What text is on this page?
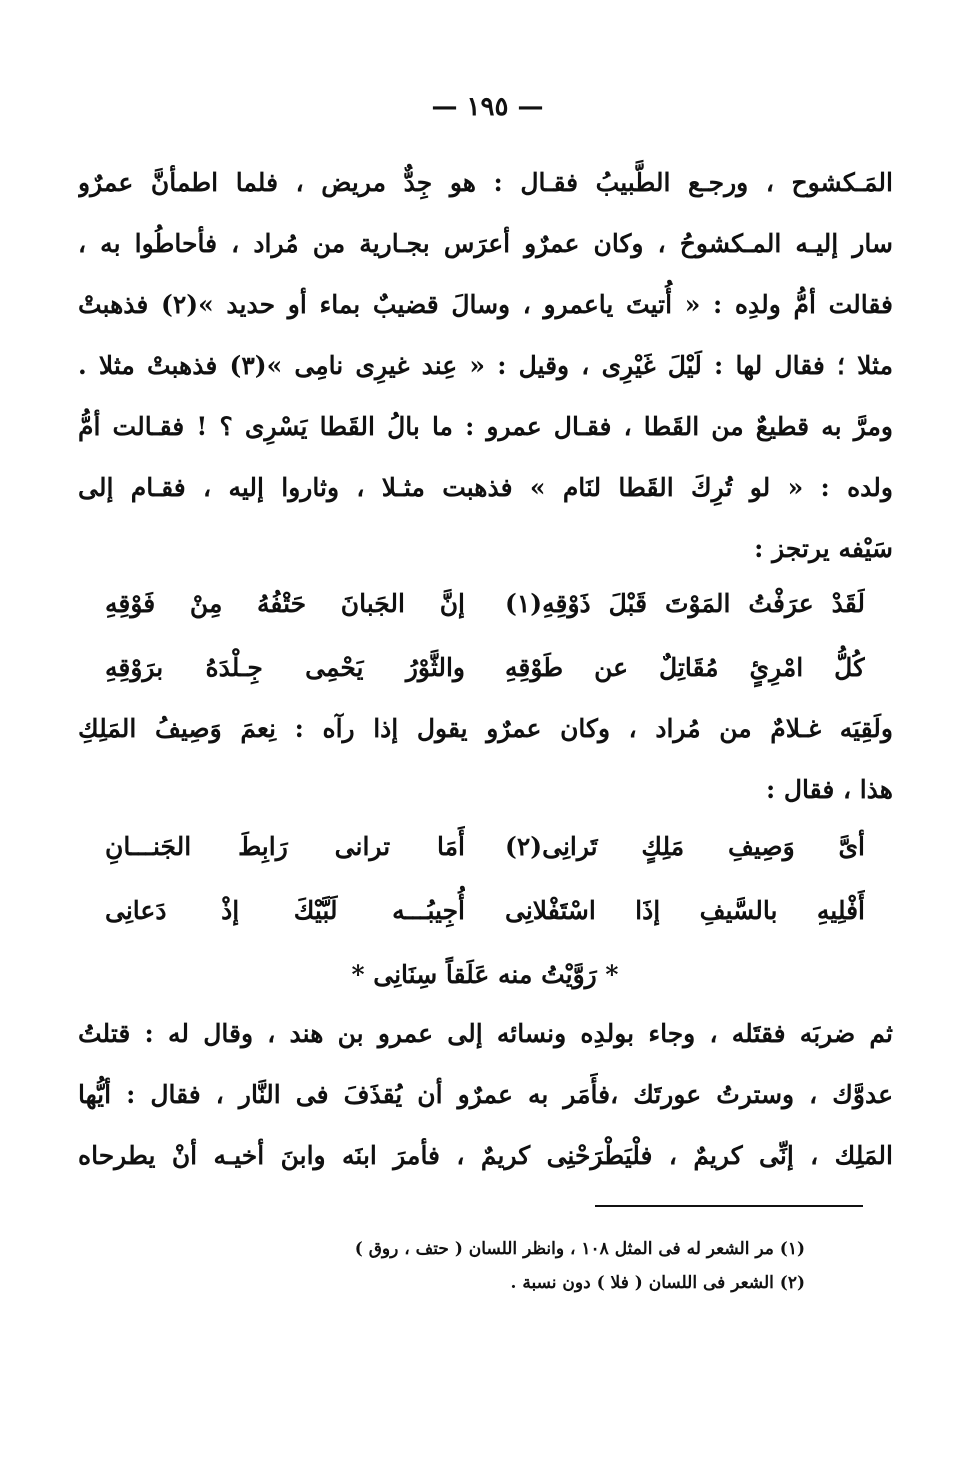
— ١٩٥ —
المَـكشوح ، ورجـع الطَّبيبُ فقـال : هو جِدٌّ مريض ، فلما اطمأنَّ عمرٌو
سار إليـه المـكشوحُ ، وكان عمرٌو أعرَس بجـارية من مُراد ، فأحاطُوا به ،
فقالت أمُّ ولدِه : « أُتيتَ ياعمرو ، وسالَ قضيبٌ بماء أو حديد »(٢) فذهبتْ
مثلا ؛ فقال لها : لَيْلَ غَيْرِى ، وقيل : « عِند غيرِى نامِى »(٣) فذهبتْ مثلا .
ومرَّ به قطيعٌ من القَطا ، فقـال عمرو : ما بالُ القَطا يَسْرِى ؟ ! فقـالت أمُّ
ولده : « لو تُرِكَ القَطا لنَام » فذهبت مثـلا ، وثاروا إليه ، فقـام إلى
سَيْفه يرتجز :
لَقَدْ عرَفْتُ المَوْتَ قَبْلَ ذَوْقِهِ(١)
إنَّ الجَبانَ حَتْفُهُ مِنْ فَوْقِهِ
كُلُّ امْرِئٍ مُقَاتِلٌ عن طَوْقِهِ
والثَّوْرُ يَحْمِى جِـلْدَهُ برَوْقِهِ
ولَقِيَه غـلامٌ من مُراد ، وكان عمرٌو يقول إذا رآه : نِعمَ وَصِيفُ المَلِكِ
هذا ، فقال :
أىَّ وَصِيفِ مَلِكٍ تَرانِى(٢)
أَمَا ترانى رَابِطَ الجَنـــانِ
أَفْلِيهِ بالسَّيفِ إذَا اسْتَفْلانِى
أُجِيبُـــه لَبَّيْكَ إذْ دَعانِى
* رَوَّيْتُ منه عَلَقاً سِنَانِى *
ثم ضربَه فقتَله ، وجاء بولدِه ونسائه إلى عمرو بن هند ، وقال له : قتلتُ
عدوَّك ، وسترتُ عورتَك ،فأَمَر به عمرٌو أن يُقذَفَ فى النَّار ، فقال : أيُّها
المَلِك ، إنِّى كريمٌ ، فلْيَطْرَحْنِى كريمٌ ، فأمرَ ابنَه وابنَ أخيـه أنْ يطرحاه
(١) مر الشعر له فى المثل ١٠٨ ، وانظر اللسان ( حتف ، روق )
(٢) الشعر فى اللسان ( فلا ) دون نسبة .
